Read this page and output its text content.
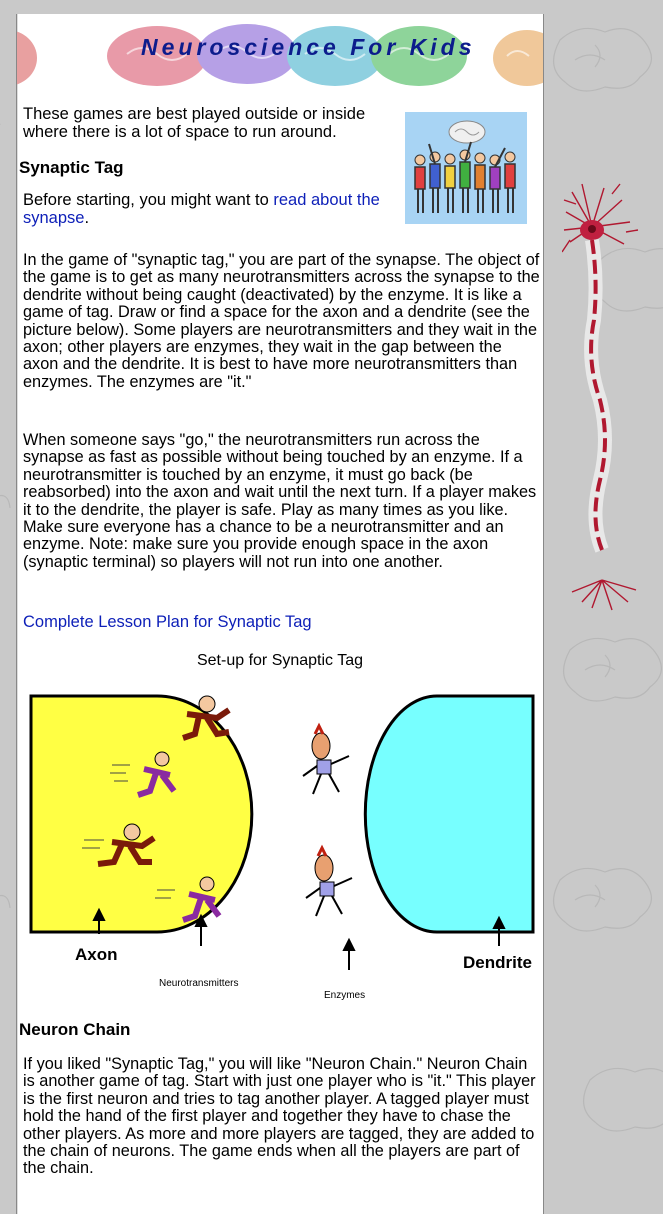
Neuroscience For Kids
These games are best played outside or inside where there is a lot of space to run around.
Synaptic Tag
Before starting, you might want to read about the synapse.
In the game of "synaptic tag," you are part of the synapse. The object of the game is to get as many neurotransmitters across the synapse to the dendrite without being caught (deactivated) by the enzyme. It is like a game of tag. Draw or find a space for the axon and a dendrite (see the picture below). Some players are neurotransmitters and they wait in the axon; other players are enzymes, they wait in the gap between the axon and the dendrite. It is best to have more neurotransmitters than enzymes. The enzymes are "it."
When someone says "go," the neurotransmitters run across the synapse as fast as possible without being touched by an enzyme. If a neurotransmitter is touched by an enzyme, it must go back (be reabsorbed) into the axon and wait until the next turn. If a player makes it to the dendrite, the player is safe. Play as many times as you like. Make sure everyone has a chance to be a neurotransmitter and an enzyme. Note: make sure you provide enough space in the axon (synaptic terminal) so players will not run into one another.
Complete Lesson Plan for Synaptic Tag
Set-up for Synaptic Tag
Axon
Neurotransmitters
Enzymes
Dendrite
Neuron Chain
If you liked "Synaptic Tag," you will like "Neuron Chain." Neuron Chain is another game of tag. Start with just one player who is "it." This player is the first neuron and tries to tag another player. A tagged player must hold the hand of the first player and together they have to chase the other players. As more and more players are tagged, they are added to the chain of neurons. The game ends when all the players are part of the chain.
